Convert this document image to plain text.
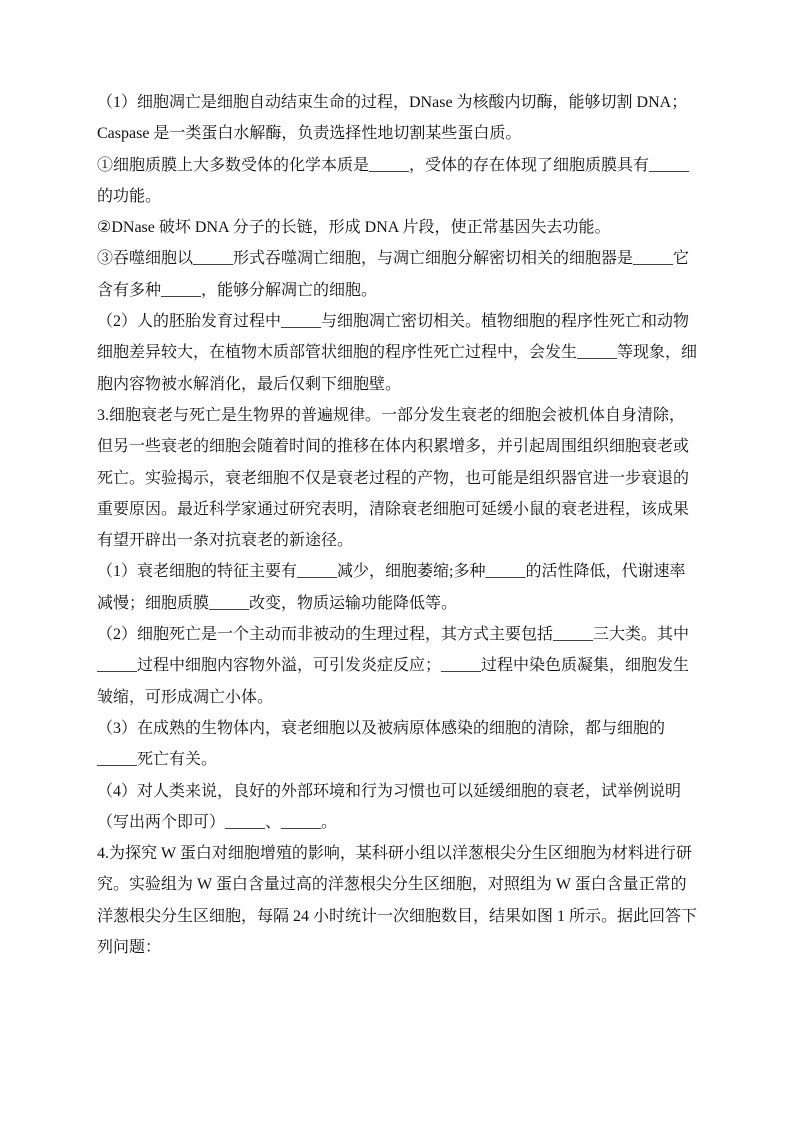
（1）细胞凋亡是细胞自动结束生命的过程，DNase 为核酸内切酶，能够切割 DNA；
Caspase 是一类蛋白水解酶，负责选择性地切割某些蛋白质。
①细胞质膜上大多数受体的化学本质是_____，受体的存在体现了细胞质膜具有_____
的功能。
②DNase 破坏 DNA 分子的长链，形成 DNA 片段，使正常基因失去功能。
③吞噬细胞以_____形式吞噬凋亡细胞，与凋亡细胞分解密切相关的细胞器是_____它
含有多种_____，能够分解凋亡的细胞。
（2）人的胚胎发育过程中_____与细胞凋亡密切相关。植物细胞的程序性死亡和动物
细胞差异较大，在植物木质部管状细胞的程序性死亡过程中，会发生_____等现象，细
胞内容物被水解消化，最后仅剩下细胞壁。
3.细胞衰老与死亡是生物界的普遍规律。一部分发生衰老的细胞会被机体自身清除，
但另一些衰老的细胞会随着时间的推移在体内积累增多，并引起周围组织细胞衰老或
死亡。实验揭示，衰老细胞不仅是衰老过程的产物，也可能是组织器官进一步衰退的
重要原因。最近科学家通过研究表明，清除衰老细胞可延缓小鼠的衰老进程，该成果
有望开辟出一条对抗衰老的新途径。
（1）衰老细胞的特征主要有_____减少，细胞萎缩;多种_____的活性降低，代谢速率
减慢；细胞质膜_____改变，物质运输功能降低等。
（2）细胞死亡是一个主动而非被动的生理过程，其方式主要包括_____三大类。其中
_____过程中细胞内容物外溢，可引发炎症反应；_____过程中染色质凝集，细胞发生
皱缩，可形成凋亡小体。
（3）在成熟的生物体内，衰老细胞以及被病原体感染的细胞的清除，都与细胞的
_____死亡有关。
（4）对人类来说，良好的外部环境和行为习惯也可以延缓细胞的衰老，试举例说明
（写出两个即可）_____、_____。
4.为探究 W 蛋白对细胞增殖的影响，某科研小组以洋葱根尖分生区细胞为材料进行研
究。实验组为 W 蛋白含量过高的洋葱根尖分生区细胞，对照组为 W 蛋白含量正常的
洋葱根尖分生区细胞，每隔 24 小时统计一次细胞数目，结果如图 1 所示。据此回答下
列问题：
